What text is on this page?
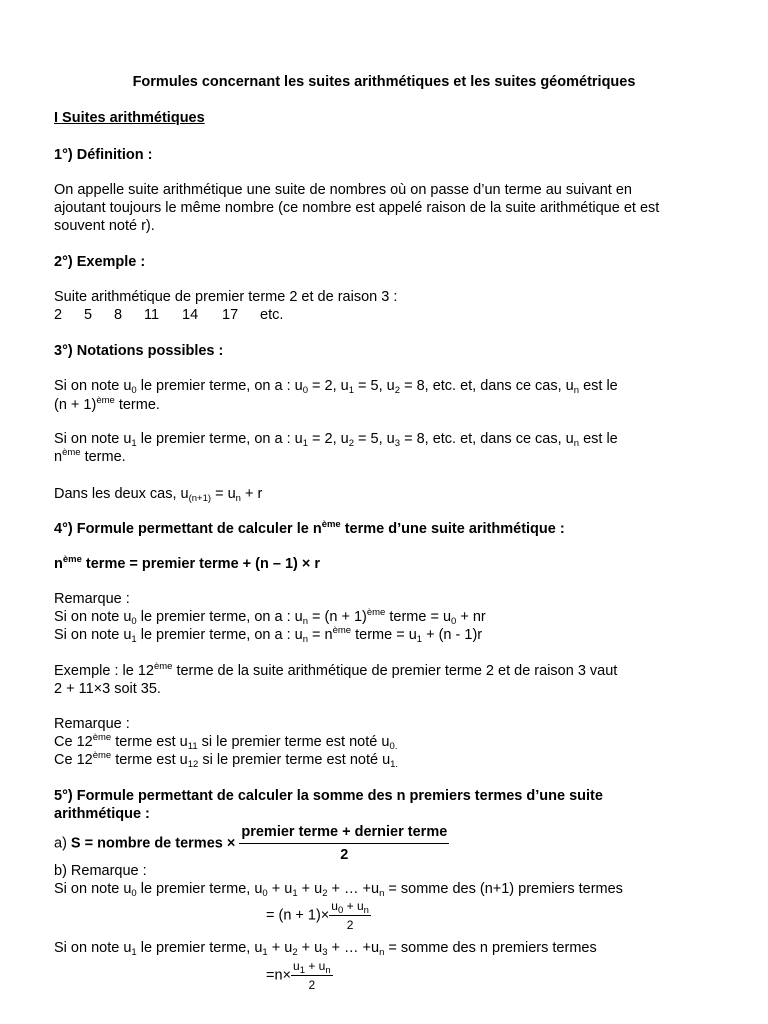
Formules concernant les suites arithmétiques et les suites géométriques
I Suites arithmétiques
1°) Définition :
On appelle suite arithmétique une suite de nombres où on passe d’un terme au suivant en
ajoutant toujours le même nombre (ce nombre est appelé raison de la suite arithmétique et est
souvent noté r).
2°) Exemple :
Suite arithmétique de premier terme 2 et de raison 3 :
2 5 8 11 14 17 etc.
3°) Notations possibles :
Si on note $u_0$ le premier terme, on a : $u_0 = 2$, $u_1 = 5$, $u_2 = 8$, etc. et, dans ce cas, $u_n$ est le
$(n + 1)^{ème}$ terme.
Si on note $u_1$ le premier terme, on a : $u_1 = 2$, $u_2 = 5$, $u_3 = 8$, etc. et, dans ce cas, $u_n$ est le
$n^{ème}$ terme.
Dans les deux cas, $u_{(n+1)} = u_n + r$
4°) Formule permettant de calculer le $n^{ème}$ terme d’une suite arithmétique :
$n^{ème}$ terme = premier terme + (n – 1) × r
Remarque :
Si on note $u_0$ le premier terme, on a : $u_n = (n + 1)^{ème}$ terme = $u_0$ + nr
Si on note $u_1$ le premier terme, on a : $u_n = n^{ème}$ terme = $u_1 + (n - 1)r$
Exemple : le 12ème terme de la suite arithmétique de premier terme 2 et de raison 3 vaut
2 + 11×3 soit 35.
Remarque :
Ce 12ème terme est $u_{11}$ si le premier terme est noté $u_{0.}$
Ce 12ème terme est $u_{12}$ si le premier terme est noté $u_{1.}$
5°) Formule permettant de calculer la somme des n premiers termes d’une suite
arithmétique :
a) S = nombre de termes × $\frac{\text{premier terme + dernier terme}}{2}$
b) Remarque :
Si on note $u_0$ le premier terme, $u_0 + u_1 + u_2$ + … $+u_n$ = somme des (n+1) premiers termes
= $(n + 1)\times \frac{u_0 + u_n}{2}$
Si on note $u_1$ le premier terme, $u_1 + u_2 + u_3$ + … $+u_n$ = somme des n premiers termes
$=n\times \frac{u_1 + u_n}{2}$
